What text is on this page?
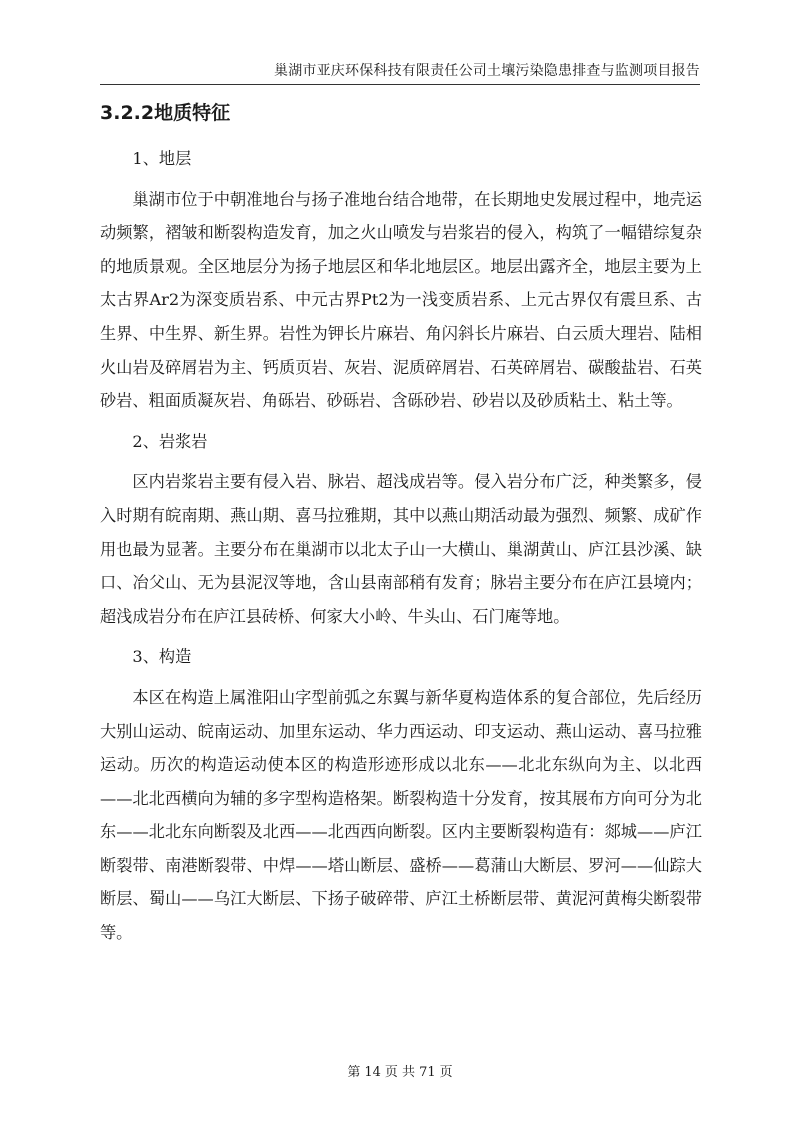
巢湖市亚庆环保科技有限责任公司土壤污染隐患排查与监测项目报告
3.2.2地质特征

1、地层

巢湖市位于中朝准地台与扬子准地台结合地带，在长期地史发展过程中，地壳运动频繁，褶皱和断裂构造发育，加之火山喷发与岩浆岩的侵入，构筑了一幅错综复杂的地质景观。全区地层分为扬子地层区和华北地层区。地层出露齐全，地层主要为上太古界Ar2为深变质岩系、中元古界Pt2为一浅变质岩系、上元古界仅有震旦系、古生界、中生界、新生界。岩性为钾长片麻岩、角闪斜长片麻岩、白云质大理岩、陆相火山岩及碎屑岩为主、钙质页岩、灰岩、泥质碎屑岩、石英碎屑岩、碳酸盐岩、石英砂岩、粗面质凝灰岩、角砾岩、砂砾岩、含砾砂岩、砂岩以及砂质粘土、粘土等。

2、岩浆岩

区内岩浆岩主要有侵入岩、脉岩、超浅成岩等。侵入岩分布广泛，种类繁多，侵入时期有皖南期、燕山期、喜马拉雅期，其中以燕山期活动最为强烈、频繁、成矿作用也最为显著。主要分布在巢湖市以北太子山一大横山、巢湖黄山、庐江县沙溪、缺口、冶父山、无为县泥汊等地，含山县南部稍有发育；脉岩主要分布在庐江县境内；超浅成岩分布在庐江县砖桥、何家大小岭、牛头山、石门庵等地。

3、构造

本区在构造上属淮阳山字型前弧之东翼与新华夏构造体系的复合部位，先后经历大别山运动、皖南运动、加里东运动、华力西运动、印支运动、燕山运动、喜马拉雅运动。历次的构造运动使本区的构造形迹形成以北东——北北东纵向为主、以北西——北北西横向为辅的多字型构造格架。断裂构造十分发育，按其展布方向可分为北东——北北东向断裂及北西——北西西向断裂。区内主要断裂构造有：郯城——庐江断裂带、南港断裂带、中焊——塔山断层、盛桥——葛蒲山大断层、罗河——仙踪大断层、蜀山——乌江大断层、下扬子破碎带、庐江土桥断层带、黄泥河黄梅尖断裂带等。

第 14 页 共 71 页
